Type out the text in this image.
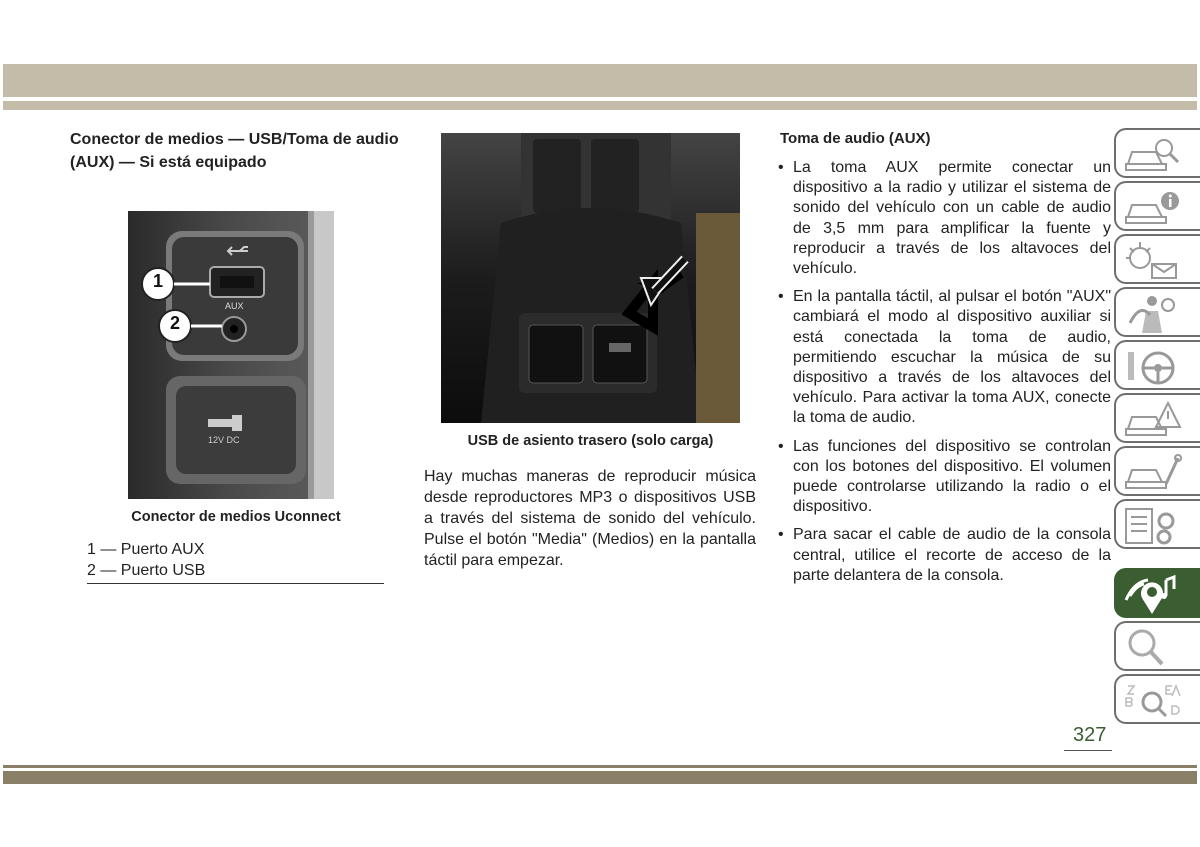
Conector de medios — USB/Toma de audio (AUX) — Si está equipado
1
2
AUX
12V DC
Conector de medios Uconnect
1 — Puerto AUX
2 — Puerto USB
USB de asiento trasero (solo carga)
Hay muchas maneras de reproducir música desde reproductores MP3 o dispositivos USB a través del sistema de sonido del vehículo. Pulse el botón "Media" (Medios) en la pantalla táctil para empezar.
Toma de audio (AUX)
• La toma AUX permite conectar un dispositivo a la radio y utilizar el sistema de sonido del vehículo con un cable de audio de 3,5 mm para amplificar la fuente y reproducir a través de los altavoces del vehículo.
• En la pantalla táctil, al pulsar el botón "AUX" cambiará el modo al dispositivo auxiliar si está conectada la toma de audio, permitiendo escuchar la música de su dispositivo a través de los altavoces del vehículo. Para activar la toma AUX, conecte la toma de audio.
• Las funciones del dispositivo se controlan con los botones del dispositivo. El volumen puede controlarse utilizando la radio o el dispositivo.
• Para sacar el cable de audio de la consola central, utilice el recorte de acceso de la parte delantera de la consola.
327
